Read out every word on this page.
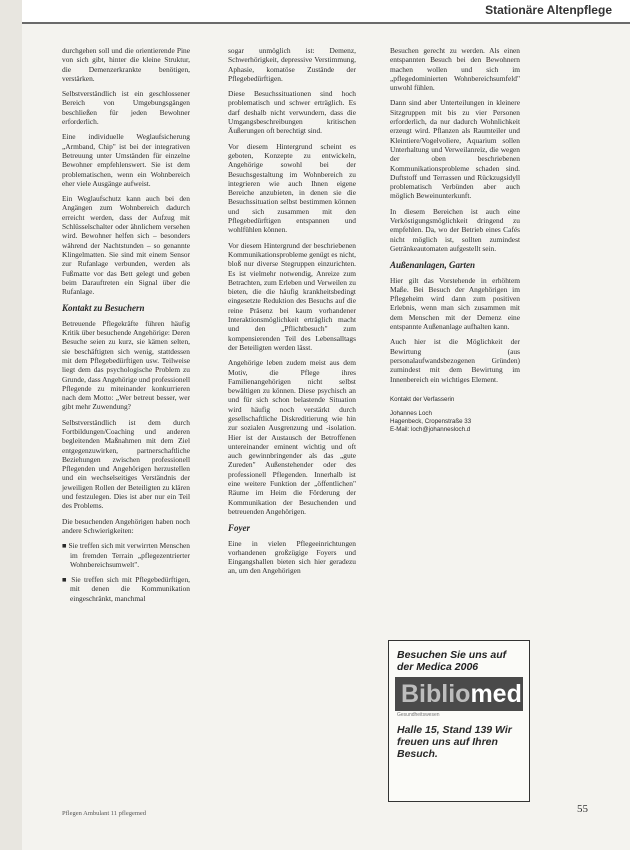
Stationäre Altenpflege

durchgehen soll und die orientierende Pine von sich gibt, hinter die kleine Struktur, die Demenzerkrankte benötigen, verstärken.

Selbstverständlich ist ein geschlossener Bereich von Umgebungsgängen beschließen für jeden Bewohner erforderlich.

Eine individuelle Weglaufsicherung „Armband, Chip" ist bei der integrativen Betreuung unter Umständen für einzelne Bewohner empfehlenswert. Sie ist dem problematischen, wenn ein Wohnbereich eher viele Ausgänge aufweist.

Ein Weglaufschutz kann auch bei den Angängen zum Wohnbereich dadurch erreicht werden, dass der Aufzug mit Schlüsselschalter oder ähnlichem versehen wird. Bewohner helfen sich – besonders während der Nachtstunden – so genannte Klingelmatten. Sie sind mit einem Sensor zur Rufanlage verbunden, werden als Fußmatte vor das Bett gelegt und geben beim Darauftreten ein Signal über die Rufanlage.

Kontakt zu Besuchern

Betreuende Pflegekräfte führen häufig Kritik über besuchende Angehörige: Deren Besuche seien zu kurz, sie kämen selten, sie beschäftigten sich wenig, stattdessen mit dem Pflegebedürftigen usw. Teilweise liegt dem das psychologische Problem zu Grunde, dass Angehörige und professionell Pflegende zu miteinander konkurrieren nach dem Motto: „Wer betreut besser, wer gibt mehr Zuwendung?

Selbstverständlich ist dem durch Fortbildungen/Coaching und anderen begleitenden Maßnahmen mit dem Ziel entgegenzuwirken, partnerschaftliche Beziehungen zwischen professionell Pflegenden und Angehörigen herzustellen und ein wechselseitiges Verständnis der jeweiligen Rollen der Beteiligten zu klären und festzulegen. Dies ist aber nur ein Teil des Problems.

Die besuchenden Angehörigen haben noch andere Schwierigkeiten:

■ Sie treffen sich mit verwirrten Menschen im fremden Terrain „pflegezentrierter Wohnbereichsumwelt".

■ Sie treffen sich mit Pflegebedürftigen, mit denen die Kommunikation eingeschränkt, manchmal

sogar unmöglich ist: Demenz, Schwerhörigkeit, depressive Verstimmung, Aphasie, komatöse Zustände der Pflegebedürftigen.

Diese Besuchssituationen sind hoch problematisch und schwer erträglich. Es darf deshalb nicht verwundern, dass die Umgangsbeschreibungen kritischen Äußerungen oft berechtigt sind.

Vor diesem Hintergrund scheint es geboten, Konzepte zu entwickeln, Angehörige sowohl bei der Besuchsgestaltung im Wohnbereich zu integrieren wie auch Ihnen eigene Bereiche anzubieten, in denen sie die Besuchssituation selbst bestimmen können und sich zusammen mit den Pflegebedürftigen entspannen und wohlfühlen können.

Vor diesem Hintergrund der beschriebenen Kommunikationsprobleme genügt es nicht, bloß nur diverse Stegruppen einzurichten. Es ist vielmehr notwendig, Anreize zum Betrachten, zum Erleben und Verweilen zu bieten, die die häufig krankheitsbedingt eingesetzte Reduktion des Besuchs auf die reine Präsenz bei kaum vorhandener Interaktionsmöglichkeit erträglich macht und den „Pflichtbesuch" zum kompensierenden Teil des Lebensalltags der Beteiligten werden lässt.

Angehörige leben zudem meist aus dem Motiv, die Pflege ihres Familienangehörigen nicht selbst bewältigen zu können. Diese psychisch an und für sich schon belastende Situation wird häufig noch verstärkt durch gesellschaftliche Diskreditierung wie hin zur sozialen Ausgrenzung und -isolation. Hier ist der Austausch der Betroffenen untereinander eminent wichtig und oft auch gewinnbringender als das „gute Zureden" Außenstehender oder des professionell Pflegenden. Innerhalb ist eine weitere Funktion der „öffentlichen" Räume im Heim die Förderung der Kommunikation der Besuchenden und betreuenden Angehörigen.

Foyer

Eine in vielen Pflegeeinrichtungen vorhandenen großzügige Foyers und Eingangshallen bieten sich hier geradezu an, um den Angehörigen

Besuchen gerecht zu werden. Als einen entspannten Besuch bei den Bewohnern machen wollen und sich im „pflegedominierten Wohnbereichsumfeld" unwohl fühlen.

Dann sind aber Unterteilungen in kleinere Sitzgruppen mit bis zu vier Personen erforderlich, da nur dadurch Wohnlichkeit erzeugt wird. Pflanzen als Raumteiler und Kleintiere/Vogelvoliere, Aquarium sollen Unterhaltung und Verweilanreiz, die wegen der oben beschriebenen Kommunikationsprobleme schaden sind. Duftstoff und Terrassen und Rückzugsidyll problematisch Verbünden aber auch möglich Beweinunterkunft.

In diesem Bereichen ist auch eine Verköstigungsmöglichkeit dringend zu empfehlen. Da, wo der Betrieb eines Cafés nicht möglich ist, sollten zumindest Getränkeautomaten aufgestellt sein.

Außenanlagen, Garten

Hier gilt das Vorstehende in erhöhtem Maße. Bei Besuch der Angehörigen im Pflegeheim wird dann zum positiven Erlebnis, wenn man sich zusammen mit dem Menschen mit der Demenz eine entspannte Außenanlage aufhalten kann.

Auch hier ist die Möglichkeit der Bewirtung (aus personalaufwandsbezogenen Gründen) zumindest mit dem Bewirtung im Innenbereich ein wichtiges Element.

Kontakt der Verfasserin
Johannes Loch
Hagenbeck, Cropenstraße 33
E-Mail: loch@johannesloch.d
Besuchen Sie uns auf der Medica 2006
Bibliomed
Gesundheitswesen
Halle 15, Stand 139 Wir freuen uns auf Ihren Besuch.
Pflegen Ambulant 11 pflegemed	55
